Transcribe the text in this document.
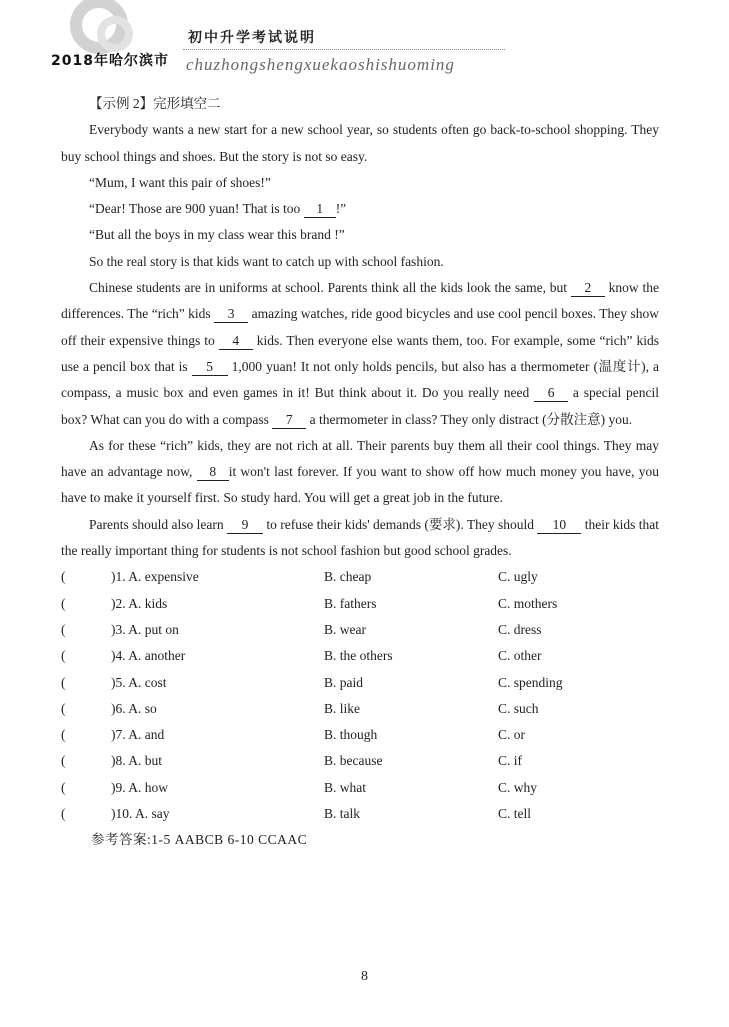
2018年哈尔滨市
初中升学考试说明
chuzhongshengxuekaoshishuoming

【示例 2】完形填空二

Everybody wants a new start for a new school year, so students often go back-to-school shopping. They buy school things and shoes. But the story is not so easy.

“Mum, I want this pair of shoes!”

“Dear! Those are 900 yuan! That is too 1 !”

“But all the boys in my class wear this brand !”

So the real story is that kids want to catch up with school fashion.

Chinese students are in uniforms at school. Parents think all the kids look the same, but 2 know the differences. The “rich” kids 3 amazing watches, ride good bicycles and use cool pencil boxes. They show off their expensive things to 4 kids. Then everyone else wants them, too. For example, some “rich” kids use a pencil box that is 5 1,000 yuan! It not only holds pencils, but also has a thermometer (温度计), a compass, a music box and even games in it! But think about it. Do you really need 6 a special pencil box? What can you do with a compass 7 a thermometer in class? They only distract (分散注意) you.

As for these “rich” kids, they are not rich at all. Their parents buy them all their cool things. They may have an advantage now, 8 it won't last forever. If you want to show off how much money you have, you have to make it yourself first. So study hard. You will get a great job in the future.

Parents should also learn 9 to refuse their kids' demands (要求). They should 10 their kids that the really important thing for students is not school fashion but good school grades.

(	)1. A. expensive	B. cheap	C. ugly
(	)2. A. kids	B. fathers	C. mothers
(	)3. A. put on	B. wear	C. dress
(	)4. A. another	B. the others	C. other
(	)5. A. cost	B. paid	C. spending
(	)6. A. so	B. like	C. such
(	)7. A. and	B. though	C. or
(	)8. A. but	B. because	C. if
(	)9. A. how	B. what	C. why
(	)10. A. say	B. talk	C. tell

参考答案:1-5 AABCB 6-10 CCAAC

8
